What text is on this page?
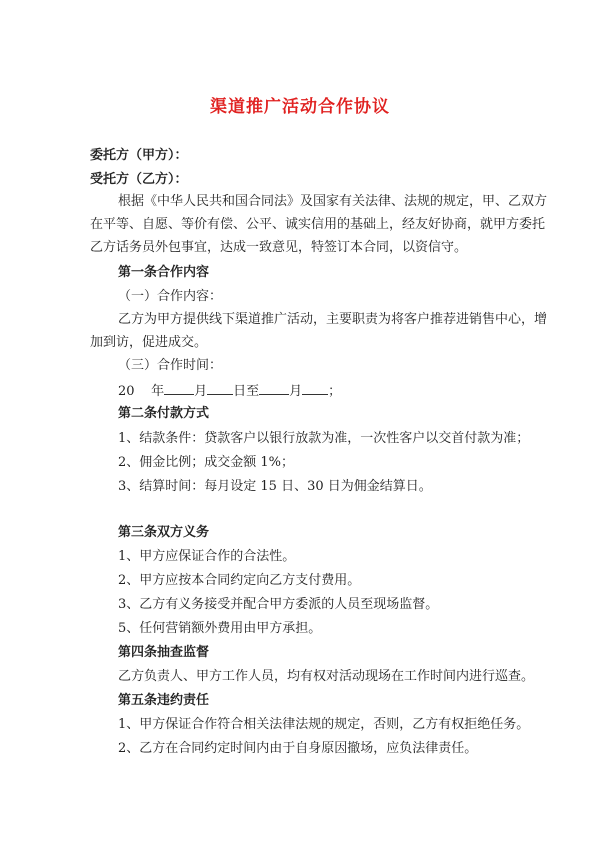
渠道推广活动合作协议
委托方（甲方）：
受托方（乙方）：
根据《中华人民共和国合同法》及国家有关法律、法规的规定，甲、乙双方
在平等、自愿、等价有偿、公平、诚实信用的基础上，经友好协商，就甲方委托
乙方话务员外包事宜，达成一致意见，特签订本合同，以资信守。
第一条合作内容
（一）合作内容：
乙方为甲方提供线下渠道推广活动，主要职责为将客户推荐进销售中心，增
加到访，促进成交。
（三）合作时间：
20 年 月 日至 月 ；
第二条付款方式
1、结款条件：贷款客户以银行放款为准，一次性客户以交首付款为准；
2、佣金比例；成交金额 1%；
3、结算时间：每月设定 15 日、30 日为佣金结算日。
第三条双方义务
1、甲方应保证合作的合法性。
2、甲方应按本合同约定向乙方支付费用。
3、乙方有义务接受并配合甲方委派的人员至现场监督。
5、任何营销额外费用由甲方承担。
第四条抽查监督
乙方负责人、甲方工作人员，均有权对活动现场在工作时间内进行巡查。
第五条违约责任
1、甲方保证合作符合相关法律法规的规定，否则，乙方有权拒绝任务。
2、乙方在合同约定时间内由于自身原因撤场，应负法律责任。
